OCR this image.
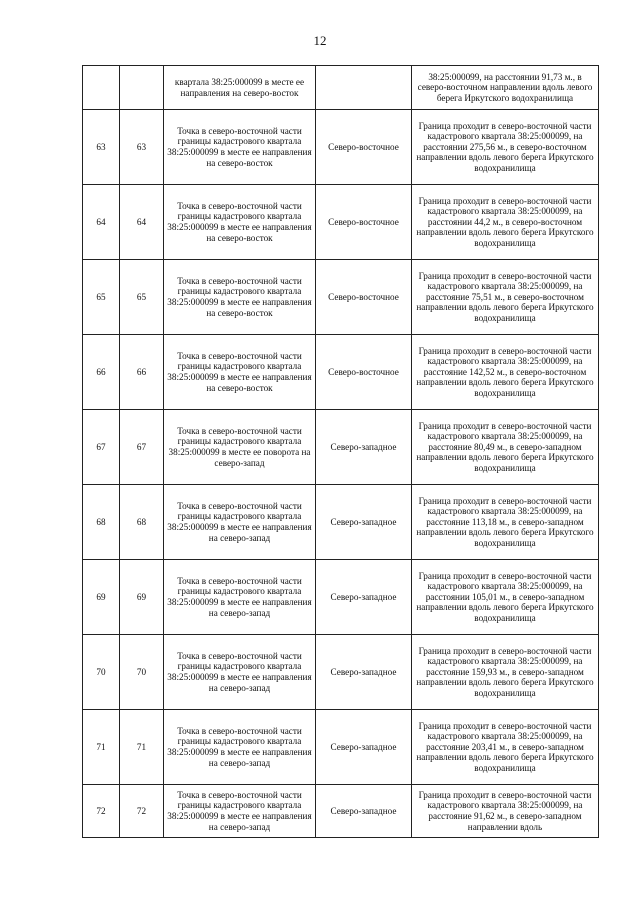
12

		квартала 38:25:000099 в месте ее направления на северо-восток		38:25:000099, на расстоянии 91,73 м., в северо-восточном направлении вдоль левого берега Иркутского водохранилища

63	63	Точка в северо-восточной части границы кадастрового квартала 38:25:000099 в месте ее направления на северо-восток	Северо-восточное	Граница проходит в северо-восточной части кадастрового квартала 38:25:000099, на расстоянии 275,56 м., в северо-восточном направлении вдоль левого берега Иркутского водохранилища

64	64	Точка в северо-восточной части границы кадастрового квартала 38:25:000099 в месте ее направления на северо-восток	Северо-восточное	Граница проходит в северо-восточной части кадастрового квартала 38:25:000099, на расстоянии 44,2 м., в северо-восточном направлении вдоль левого берега Иркутского водохранилища

65	65	Точка в северо-восточной части границы кадастрового квартала 38:25:000099 в месте ее направления на северо-восток	Северо-восточное	Граница проходит в северо-восточной части кадастрового квартала 38:25:000099, на расстояние 75,51 м., в северо-восточном направлении вдоль левого берега Иркутского водохранилища

66	66	Точка в северо-восточной части границы кадастрового квартала 38:25:000099 в месте ее направления на северо-восток	Северо-восточное	Граница проходит в северо-восточной части кадастрового квартала 38:25:000099, на расстояние 142,52 м., в северо-восточном направлении вдоль левого берега Иркутского водохранилища

67	67	Точка в северо-восточной части границы кадастрового квартала 38:25:000099 в месте ее поворота на северо-запад	Северо-западное	Граница проходит в северо-восточной части кадастрового квартала 38:25:000099, на расстояние 80,49 м., в северо-западном направлении вдоль левого берега Иркутского водохранилища

68	68	Точка в северо-восточной части границы кадастрового квартала 38:25:000099 в месте ее направления на северо-запад	Северо-западное	Граница проходит в северо-восточной части кадастрового квартала 38:25:000099, на расстояние 113,18 м., в северо-западном направлении вдоль левого берега Иркутского водохранилища

69	69	Точка в северо-восточной части границы кадастрового квартала 38:25:000099 в месте ее направления на северо-запад	Северо-западное	Граница проходит в северо-восточной части кадастрового квартала 38:25:000099, на расстоянии 105,01 м., в северо-западном направлении вдоль левого берега Иркутского водохранилища

70	70	Точка в северо-восточной части границы кадастрового квартала 38:25:000099 в месте ее направления на северо-запад	Северо-западное	Граница проходит в северо-восточной части кадастрового квартала 38:25:000099, на расстояние 159,93 м., в северо-западном направлении вдоль левого берега Иркутского водохранилища

71	71	Точка в северо-восточной части границы кадастрового квартала 38:25:000099 в месте ее направления на северо-запад	Северо-западное	Граница проходит в северо-восточной части кадастрового квартала 38:25:000099, на расстояние 203,41 м., в северо-западном направлении вдоль левого берега Иркутского водохранилища

72	72	Точка в северо-восточной части границы кадастрового квартала 38:25:000099 в месте ее направления на северо-запад	Северо-западное	Граница проходит в северо-восточной части кадастрового квартала 38:25:000099, на расстояние 91,62 м., в северо-западном направлении вдоль
